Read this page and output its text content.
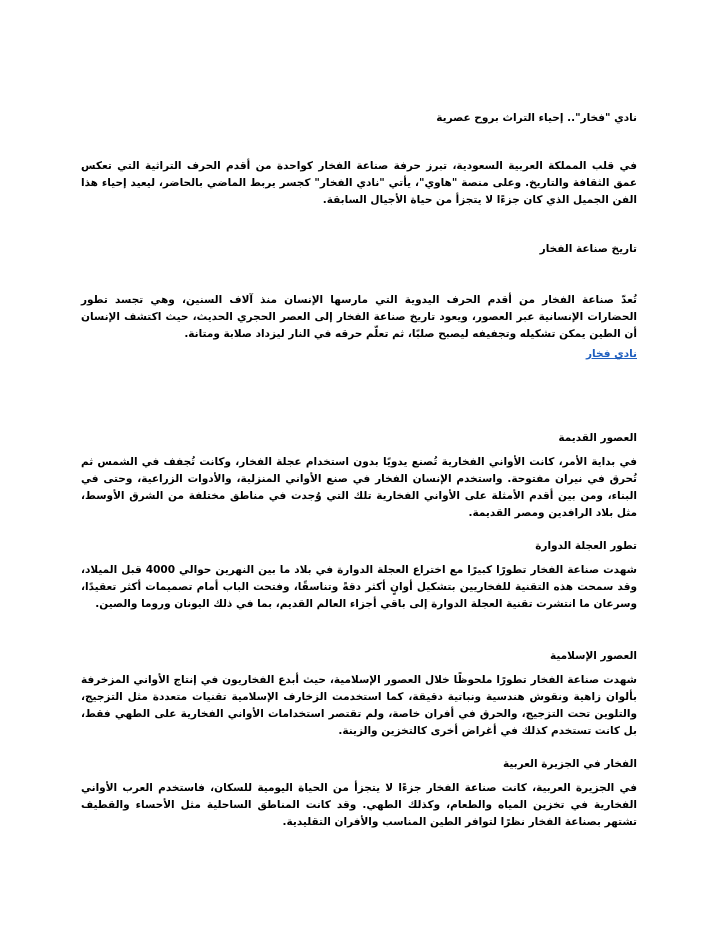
نادي "فخار".. إحياء التراث بروح عصرية

في قلب المملكة العربية السعودية، تبرز حرفة صناعة الفخار كواحدة من أقدم الحرف التراثية التي تعكس عمق الثقافة والتاريخ. وعلى منصة "هاوي"، يأتي "نادي الفخار" كجسر يربط الماضي بالحاضر، ليعيد إحياء هذا الفن الجميل الذي كان جزءًا لا يتجزأ من حياة الأجيال السابقة.

تاريخ صناعة الفخار

تُعدّ صناعة الفخار من أقدم الحرف اليدوية التي مارسها الإنسان منذ آلاف السنين، وهي تجسد تطور الحضارات الإنسانية عبر العصور، ويعود تاريخ صناعة الفخار إلى العصر الحجري الحديث، حيث اكتشف الإنسان أن الطين يمكن تشكيله وتجفيفه ليصبح صلبًا، ثم تعلّم حرقه في النار ليزداد صلابة ومتانة.

نادي فخار

العصور القديمة

في بداية الأمر، كانت الأواني الفخارية تُصنع يدويًا بدون استخدام عجلة الفخار، وكانت تُجفف في الشمس ثم تُحرق في نيران مفتوحة. واستخدم الإنسان الفخار في صنع الأواني المنزلية، والأدوات الزراعية، وحتى في البناء، ومن بين أقدم الأمثلة على الأواني الفخارية تلك التي وُجدت في مناطق مختلفة من الشرق الأوسط، مثل بلاد الرافدين ومصر القديمة.

تطور العجلة الدوارة

شهدت صناعة الفخار تطورًا كبيرًا مع اختراع العجلة الدوارة في بلاد ما بين النهرين حوالي 4000 قبل الميلاد، وقد سمحت هذه التقنية للفخاريين بتشكيل أوانٍ أكثر دقةً وتناسقًا، وفتحت الباب أمام تصميمات أكثر تعقيدًا، وسرعان ما انتشرت تقنية العجلة الدوارة إلى باقي أجزاء العالم القديم، بما في ذلك اليونان وروما والصين.

العصور الإسلامية

شهدت صناعة الفخار تطورًا ملحوظًا خلال العصور الإسلامية، حيث أبدع الفخاريون في إنتاج الأواني المزخرفة بألوان زاهية ونقوش هندسية ونباتية دقيقة، كما استخدمت الزخارف الإسلامية تقنيات متعددة مثل التزجيج، والتلوين تحت التزجيج، والحرق في أفران خاصة، ولم تقتصر استخدامات الأواني الفخارية على الطهي فقط، بل كانت تستخدم كذلك في أغراض أخرى كالتخزين والزينة.

الفخار في الجزيرة العربية

في الجزيرة العربية، كانت صناعة الفخار جزءًا لا يتجزأ من الحياة اليومية للسكان، فاستخدم العرب الأواني الفخارية في تخزين المياه والطعام، وكذلك الطهي. وقد كانت المناطق الساحلية مثل الأحساء والقطيف تشتهر بصناعة الفخار نظرًا لتوافر الطين المناسب والأفران التقليدية.
